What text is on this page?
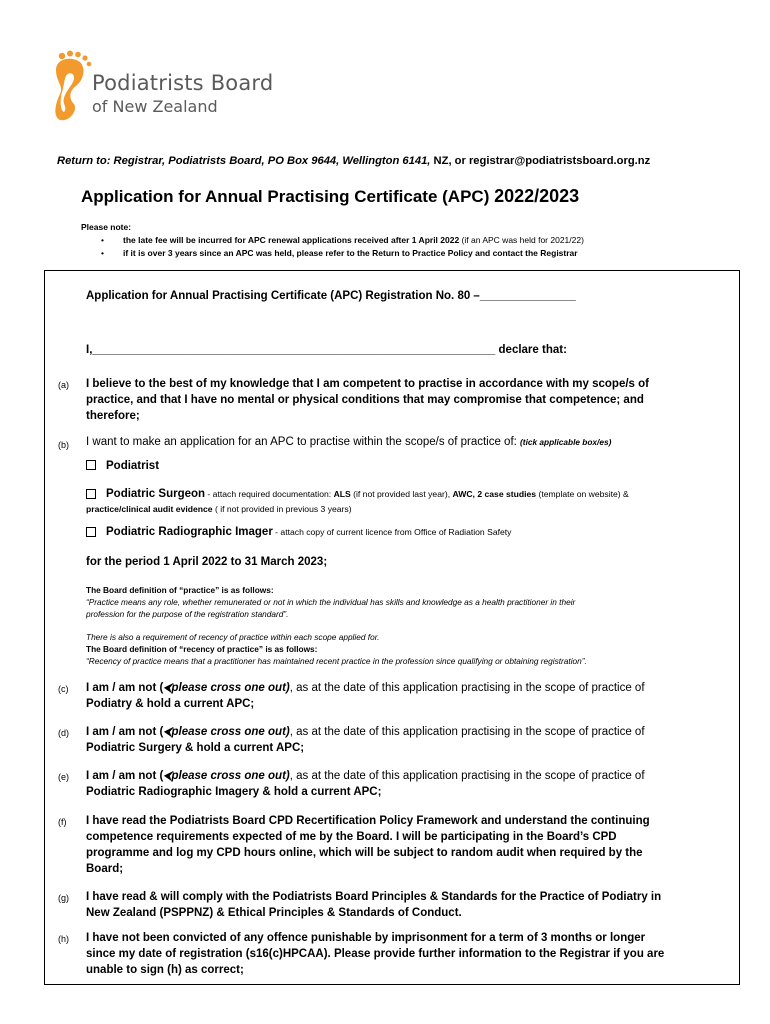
Podiatrists Board
of New Zealand
Return to: Registrar, Podiatrists Board, PO Box 9644, Wellington 6141, NZ, or registrar@podiatristsboard.org.nz
Application for Annual Practising Certificate (APC) 2022/2023
Please note:
• the late fee will be incurred for APC renewal applications received after 1 April 2022 (if an APC was held for 2021/22)
• if it is over 3 years since an APC was held, please refer to the Return to Practice Policy and contact the Registrar
Application for Annual Practising Certificate (APC) Registration No. 80 –_______________
I,_______________________________________________________________ declare that:
(a) I believe to the best of my knowledge that I am competent to practise in accordance with my scope/s of
practice, and that I have no mental or physical conditions that may compromise that competence; and
therefore;
(b) I want to make an application for an APC to practise within the scope/s of practice of: (tick applicable box/es)
Podiatrist
Podiatric Surgeon - attach required documentation: ALS (if not provided last year), AWC, 2 case studies (template on website) &
practice/clinical audit evidence ( if not provided in previous 3 years)
Podiatric Radiographic Imager - attach copy of current licence from Office of Radiation Safety
for the period 1 April 2022 to 31 March 2023;
The Board definition of “practice” is as follows:
“Practice means any role, whether remunerated or not in which the individual has skills and knowledge as a health practitioner in their
profession for the purpose of the registration standard”.
There is also a requirement of recency of practice within each scope applied for.
The Board definition of “recency of practice” is as follows:
“Recency of practice means that a practitioner has maintained recent practice in the profession since qualifying or obtaining registration”.
(c) I am / am not (⮜please cross one out), as at the date of this application practising in the scope of practice of
Podiatry & hold a current APC;
(d) I am / am not (⮜please cross one out), as at the date of this application practising in the scope of practice of
Podiatric Surgery & hold a current APC;
(e) I am / am not (⮜please cross one out), as at the date of this application practising in the scope of practice of
Podiatric Radiographic Imagery & hold a current APC;
(f) I have read the Podiatrists Board CPD Recertification Policy Framework and understand the continuing
competence requirements expected of me by the Board. I will be participating in the Board’s CPD
programme and log my CPD hours online, which will be subject to random audit when required by the
Board;
(g) I have read & will comply with the Podiatrists Board Principles & Standards for the Practice of Podiatry in
New Zealand (PSPPNZ) & Ethical Principles & Standards of Conduct.
(h) I have not been convicted of any offence punishable by imprisonment for a term of 3 months or longer
since my date of registration (s16(c)HPCAA). Please provide further information to the Registrar if you are
unable to sign (h) as correct;
